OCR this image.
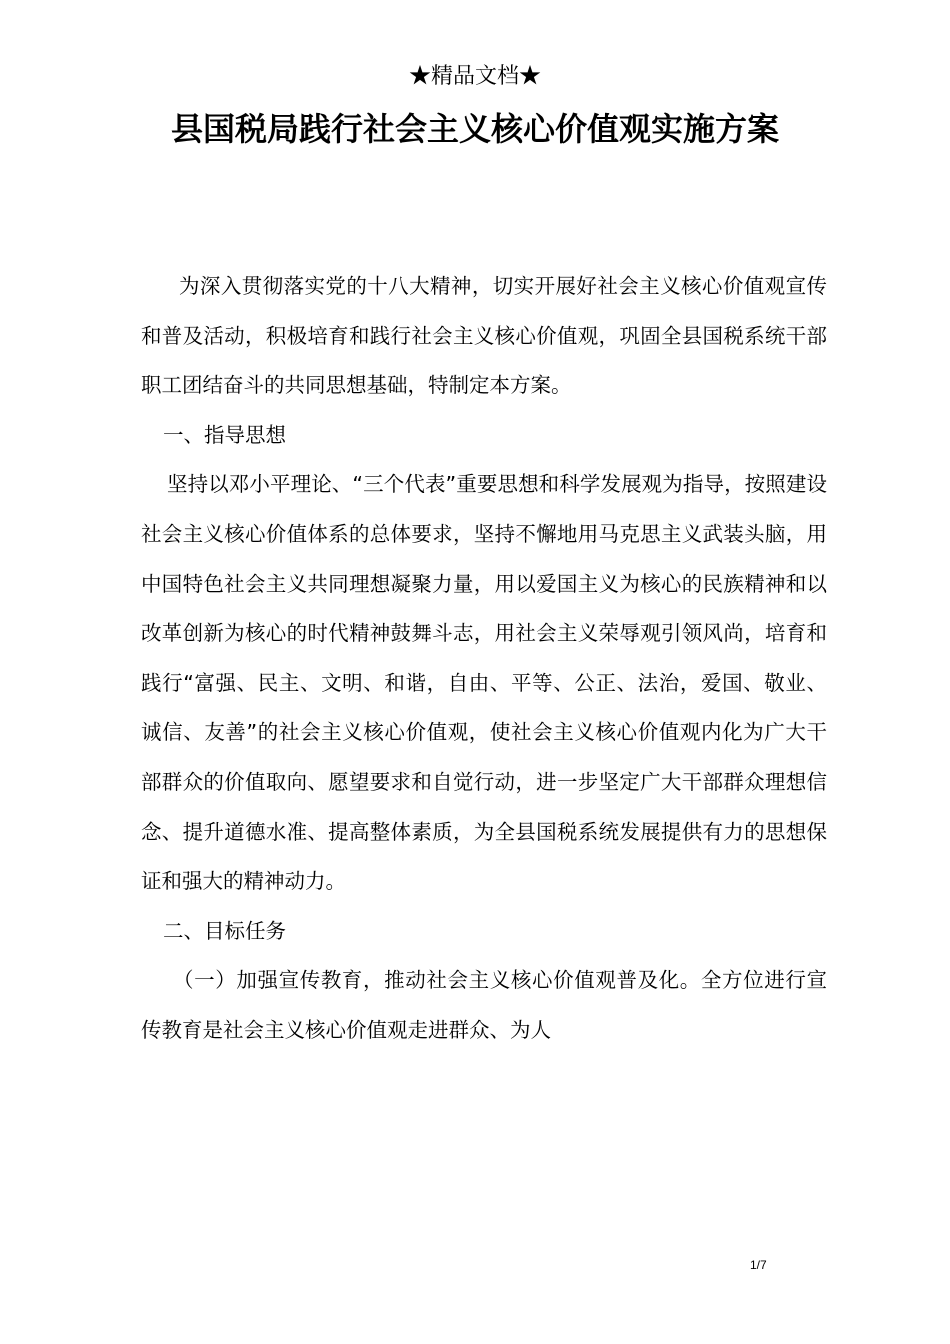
★精品文档★
县国税局践行社会主义核心价值观实施方案

为深入贯彻落实党的十八大精神，切实开展好社会主义核心价值观宣传和普及活动，积极培育和践行社会主义核心价值观，巩固全县国税系统干部职工团结奋斗的共同思想基础，特制定本方案。

一、指导思想

坚持以邓小平理论、“三个代表”重要思想和科学发展观为指导，按照建设社会主义核心价值体系的总体要求，坚持不懈地用马克思主义武装头脑，用中国特色社会主义共同理想凝聚力量，用以爱国主义为核心的民族精神和以改革创新为核心的时代精神鼓舞斗志，用社会主义荣辱观引领风尚，培育和践行“富强、民主、文明、和谐，自由、平等、公正、法治，爱国、敬业、诚信、友善”的社会主义核心价值观，使社会主义核心价值观内化为广大干部群众的价值取向、愿望要求和自觉行动，进一步坚定广大干部群众理想信念、提升道德水准、提高整体素质，为全县国税系统发展提供有力的思想保证和强大的精神动力。

二、目标任务

（一）加强宣传教育，推动社会主义核心价值观普及化。全方位进行宣传教育是社会主义核心价值观走进群众、为人

1/7
